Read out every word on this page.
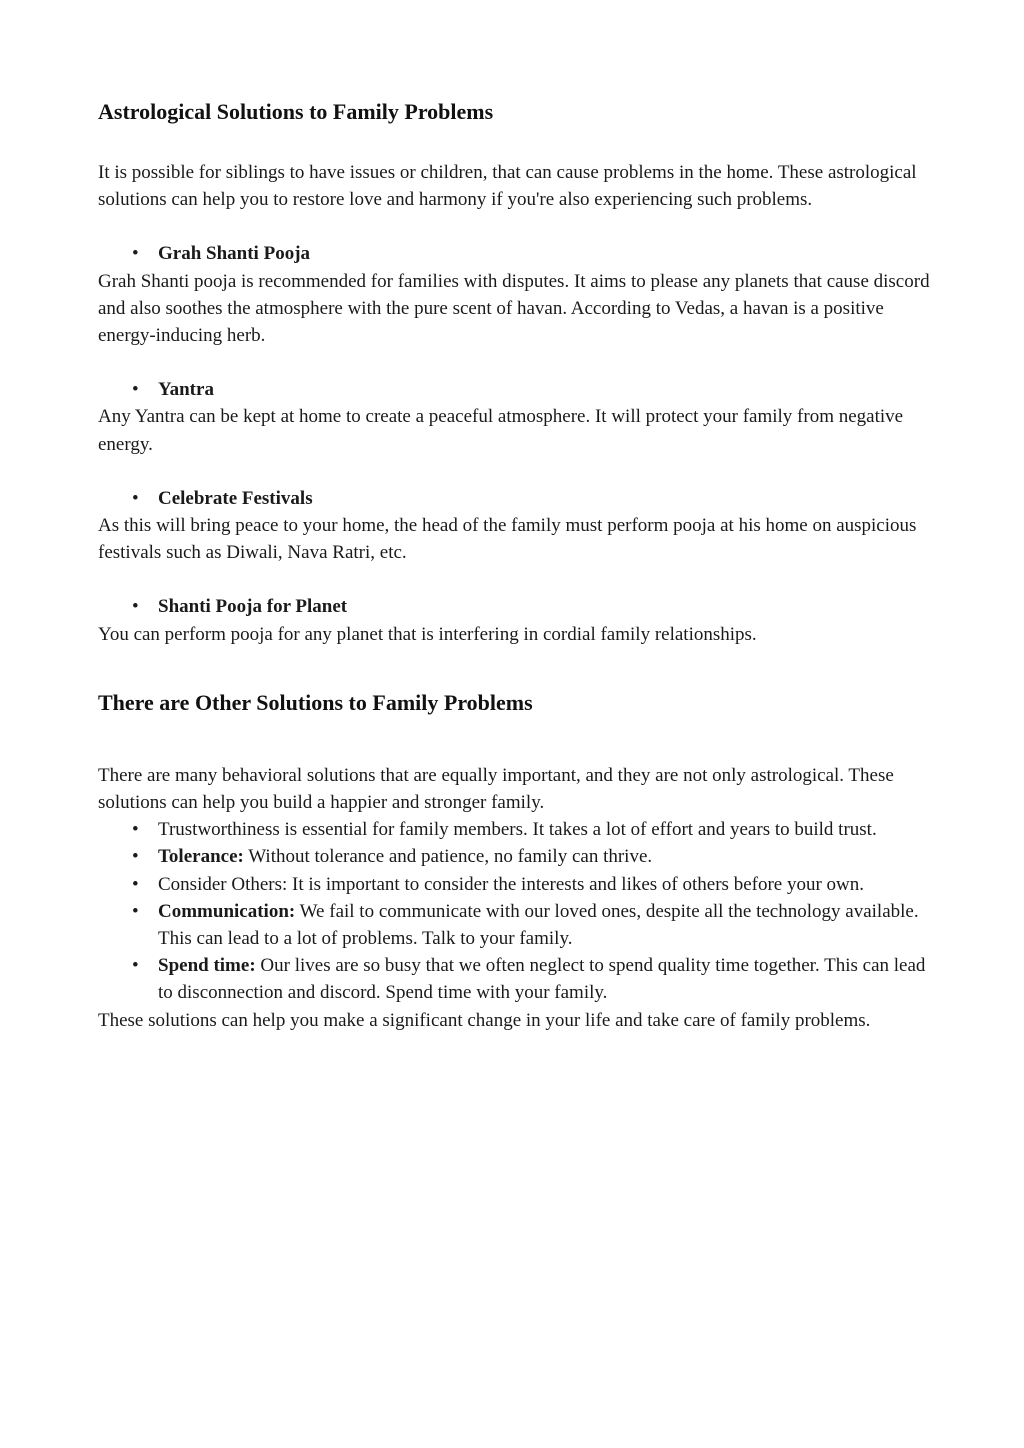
Astrological Solutions to Family Problems

It is possible for siblings to have issues or children, that can cause problems in the home. These astrological solutions can help you to restore love and harmony if you're also experiencing such problems.

• Grah Shanti Pooja

Grah Shanti pooja is recommended for families with disputes. It aims to please any planets that cause discord and also soothes the atmosphere with the pure scent of havan. According to Vedas, a havan is a positive energy-inducing herb.

• Yantra

Any Yantra can be kept at home to create a peaceful atmosphere. It will protect your family from negative energy.

• Celebrate Festivals

As this will bring peace to your home, the head of the family must perform pooja at his home on auspicious festivals such as Diwali, Nava Ratri, etc.

• Shanti Pooja for Planet

You can perform pooja for any planet that is interfering in cordial family relationships.

There are Other Solutions to Family Problems

There are many behavioral solutions that are equally important, and they are not only astrological. These solutions can help you build a happier and stronger family.

• Trustworthiness is essential for family members. It takes a lot of effort and years to build trust.
• Tolerance: Without tolerance and patience, no family can thrive.
• Consider Others: It is important to consider the interests and likes of others before your own.
• Communication: We fail to communicate with our loved ones, despite all the technology available. This can lead to a lot of problems. Talk to your family.
• Spend time: Our lives are so busy that we often neglect to spend quality time together. This can lead to disconnection and discord. Spend time with your family.

These solutions can help you make a significant change in your life and take care of family problems.
